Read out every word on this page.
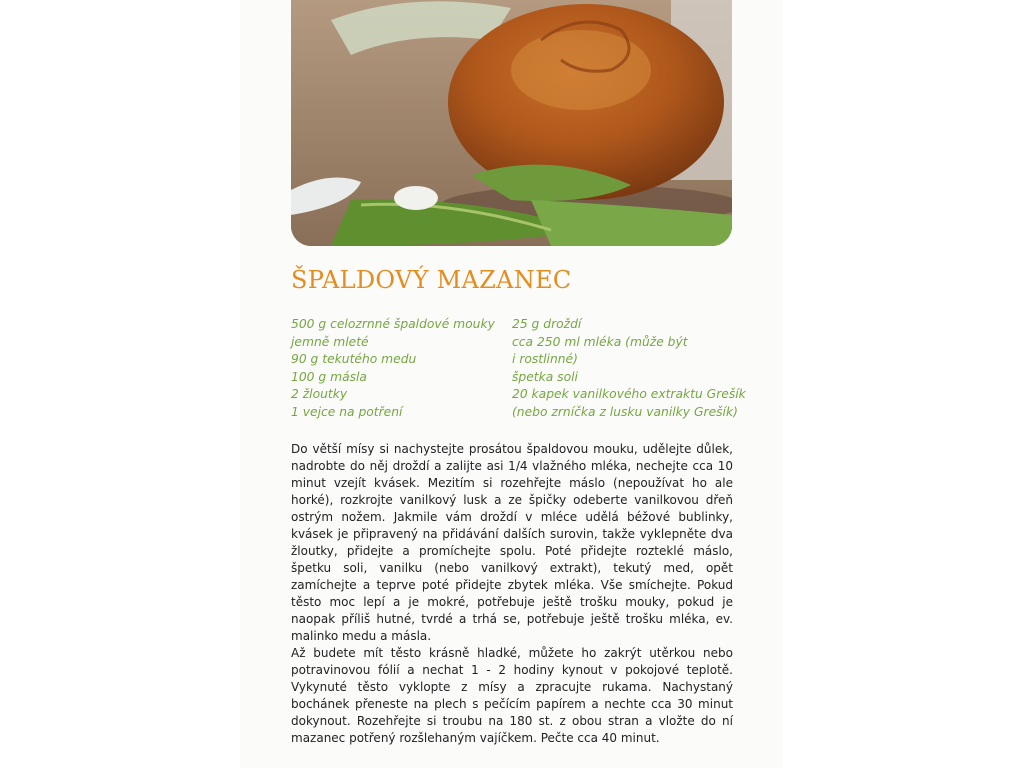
ŠPALDOVÝ MAZANEC
500 g celozrnné špaldové mouky
jemně mleté
90 g tekutého medu
100 g másla
2 žloutky
1 vejce na potření
25 g droždí
cca 250 ml mléka (může být
i rostlinné)
špetka soli
20 kapek vanilkového extraktu Grešík
(nebo zrníčka z lusku vanilky Grešík)

Do větší mísy si nachystejte prosátou špaldovou mouku, udělejte důlek, nadrobte do něj droždí a zalijte asi 1/4 vlažného mléka, nechejte cca 10 minut vzejít kvásek. Mezitím si rozehřejte máslo (nepoužívat ho ale horké), rozkrojte vanilkový lusk a ze špičky odeberte vanilkovou dřeň ostrým nožem. Jakmile vám droždí v mléce udělá béžové bublinky, kvásek je připravený na přidávání dalších surovin, takže vyklepněte dva žloutky, přidejte a promíchejte spolu. Poté přidejte rozteklé máslo, špetku soli, vanilku (nebo vanilkový extrakt), tekutý med, opět zamíchejte a teprve poté přidejte zbytek mléka. Vše smíchejte. Pokud těsto moc lepí a je mokré, potřebuje ještě trošku mouky, pokud je naopak příliš hutné, tvrdé a trhá se, potřebuje ještě trošku mléka, ev. malinko medu a másla.

Až budete mít těsto krásně hladké, můžete ho zakrýt utěrkou nebo potravinovou fólií a nechat 1 - 2 hodiny kynout v pokojové teplotě. Vykynuté těsto vyklopte z mísy a zpracujte rukama. Nachystaný bochánek přeneste na plech s pečícím papírem a nechte cca 30 minut dokynout. Rozehřejte si troubu na 180 st. z obou stran a vložte do ní mazanec potřený rozšlehaným vajíčkem. Pečte cca 40 minut.
